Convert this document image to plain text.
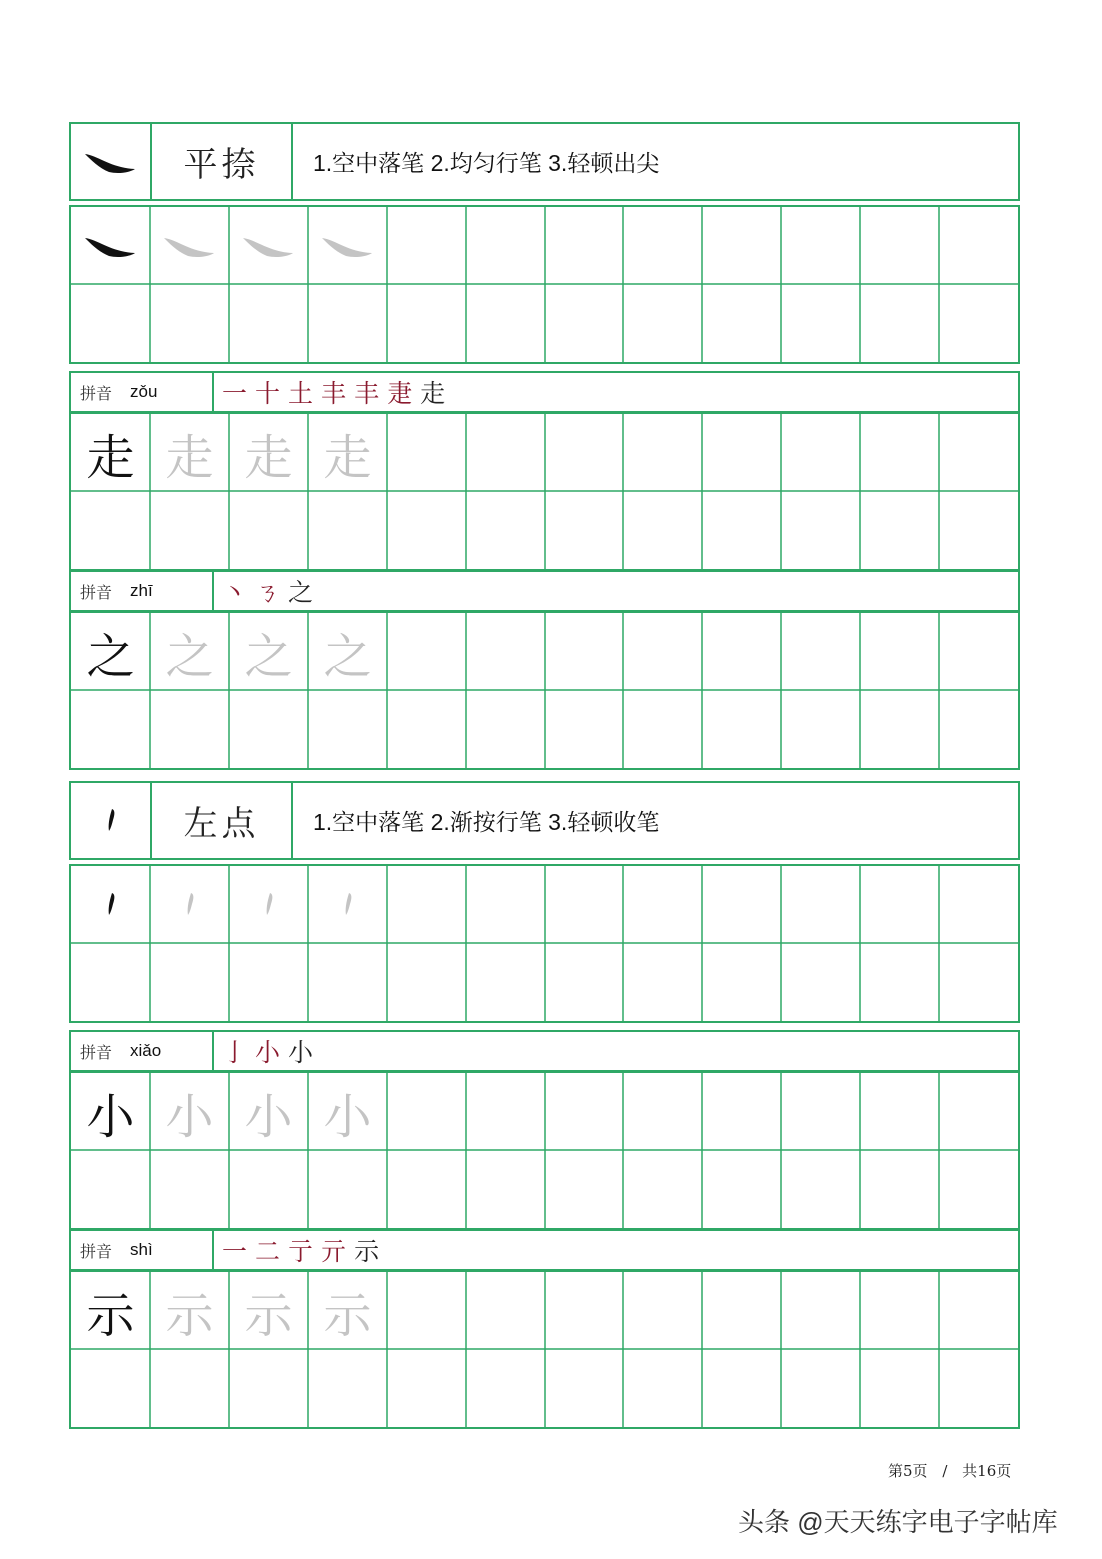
平捺	1.空中落笔 2.均匀行笔 3.轻顿出尖
拼音 zǒu	一 十 土 丰 丰 疌 走
走 走 走 走
拼音 zhī	丶 ㄋ 之
之 之 之 之
左点	1.空中落笔 2.渐按行笔 3.轻顿收笔
拼音 xiǎo 亅 小 小
小 小 小 小
拼音 shì	一 二 亍 亓 示
示 示 示 示
第5页 / 共16页
头条 @天天练字电子字帖库
